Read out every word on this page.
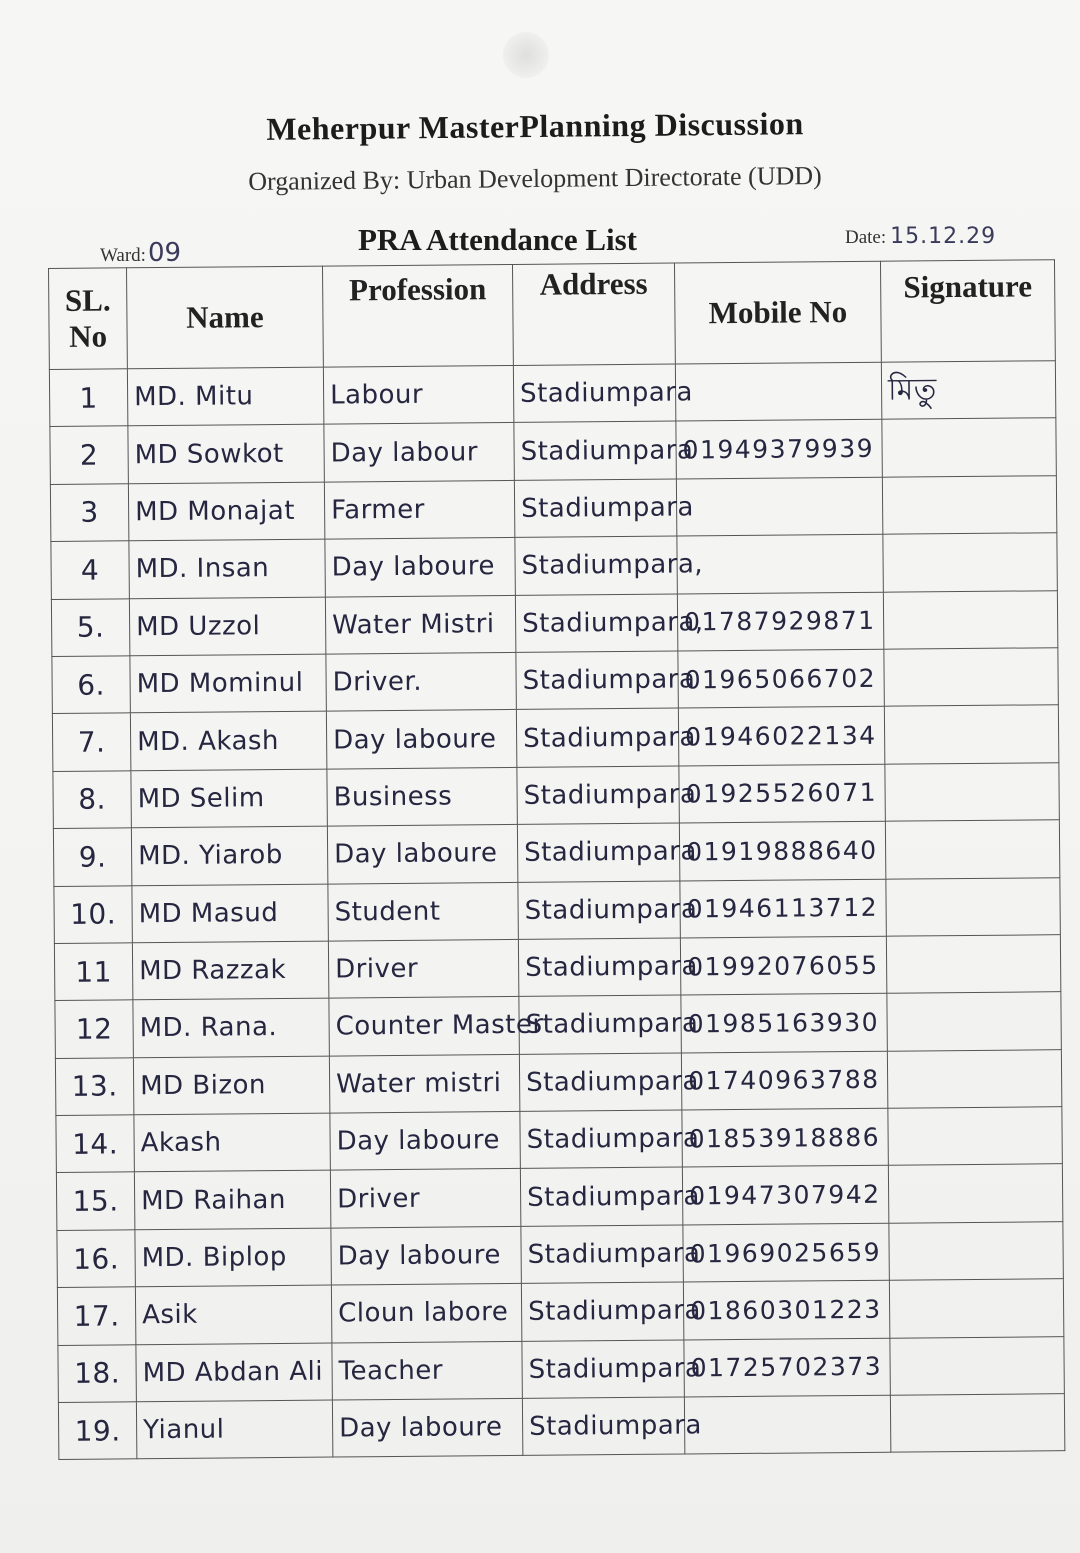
Meherpur MasterPlanning Discussion
Organized By: Urban Development Directorate (UDD)
Ward:09	PRA Attendance List	Date: 15.12.29
SL. No	Name	Profession	Address	Mobile No	Signature
1	MD. Mitu	Labour	Stadiumpara		মিতু
2	MD Sowkot	Day labour	Stadiumpara	01949379939	
3	MD Monajat	Farmer	Stadiumpara		
4	MD. Insan	Day laboure	Stadiumpara,		
5.	MD Uzzol	Water Mistri	Stadiumpara,	01787929871	
6.	MD Mominul	Driver.	Stadiumpara	01965066702	
7.	MD. Akash	Day laboure	Stadiumpara	01946022134	
8.	MD Selim	Business	Stadiumpara	01925526071	
9.	MD. Yiarob	Day laboure	Stadiumpara	01919888640	
10.	MD Masud	Student	Stadiumpara	01946113712	
11	MD Razzak	Driver	Stadiumpara	01992076055	
12	MD. Rana.	Counter Master	Stadiumpara	01985163930	
13.	MD Bizon	Water mistri	Stadiumpara	01740963788	
14.	Akash	Day laboure	Stadiumpara	01853918886	
15.	MD Raihan	Driver	Stadiumpara	01947307942	
16.	MD. Biplop	Day laboure	Stadiumpara	01969025659	
17.	Asik	Cloun labore	Stadiumpara	01860301223	
18.	MD Abdan Ali	Teacher	Stadiumpara	01725702373	
19.	Yianul	Day laboure	Stadiumpara		
